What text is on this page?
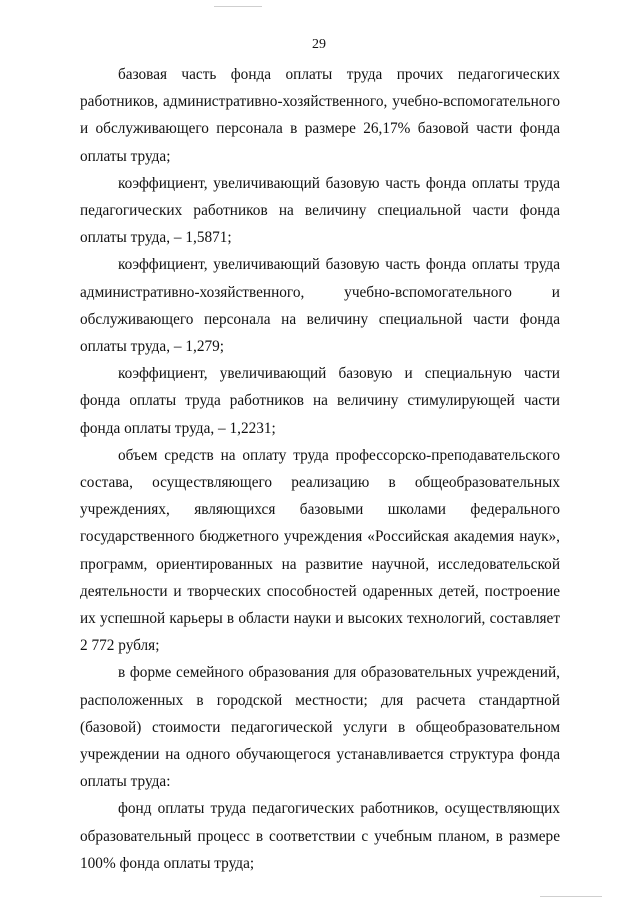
29

базовая часть фонда оплаты труда прочих педагогических работников, административно-хозяйственного, учебно-вспомогательного и обслуживающего персонала в размере 26,17% базовой части фонда оплаты труда;

коэффициент, увеличивающий базовую часть фонда оплаты труда педагогических работников на величину специальной части фонда оплаты труда, – 1,5871;

коэффициент, увеличивающий базовую часть фонда оплаты труда административно-хозяйственного, учебно-вспомогательного и обслуживающего персонала на величину специальной части фонда оплаты труда, – 1,279;

коэффициент, увеличивающий базовую и специальную части фонда оплаты труда работников на величину стимулирующей части фонда оплаты труда, – 1,2231;

объем средств на оплату труда профессорско-преподавательского состава, осуществляющего реализацию в общеобразовательных учреждениях, являющихся базовыми школами федерального государственного бюджетного учреждения «Российская академия наук», программ, ориентированных на развитие научной, исследовательской деятельности и творческих способностей одаренных детей, построение их успешной карьеры в области науки и высоких технологий, составляет 2 772 рубля;

в форме семейного образования для образовательных учреждений, расположенных в городской местности; для расчета стандартной (базовой) стоимости педагогической услуги в общеобразовательном учреждении на одного обучающегося устанавливается структура фонда оплаты труда:

фонд оплаты труда педагогических работников, осуществляющих образовательный процесс в соответствии с учебным планом, в размере 100% фонда оплаты труда;
